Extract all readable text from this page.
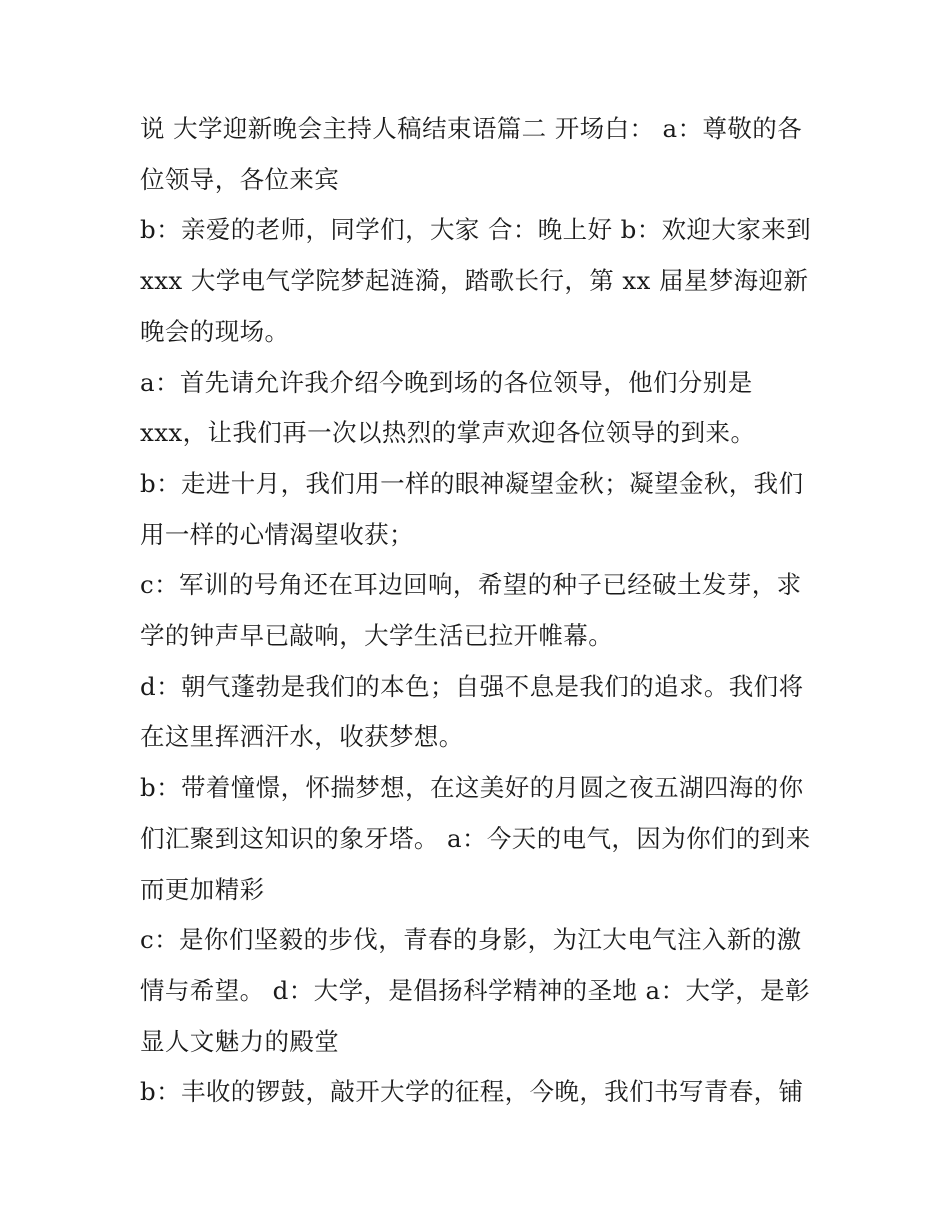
说 大学迎新晚会主持人稿结束语篇二 开场白： a：尊敬的各
位领导，各位来宾

b：亲爱的老师，同学们，大家 合：晚上好 b：欢迎大家来到
xxx 大学电气学院梦起涟漪，踏歌长行，第 xx 届星梦海迎新
晚会的现场。

a：首先请允许我介绍今晚到场的各位领导，他们分别是
xxx，让我们再一次以热烈的掌声欢迎各位领导的到来。

b：走进十月，我们用一样的眼神凝望金秋；凝望金秋，我们
用一样的心情渴望收获；

c：军训的号角还在耳边回响，希望的种子已经破土发芽，求
学的钟声早已敲响，大学生活已拉开帷幕。

d：朝气蓬勃是我们的本色；自强不息是我们的追求。我们将
在这里挥洒汗水，收获梦想。

b：带着憧憬，怀揣梦想，在这美好的月圆之夜五湖四海的你
们汇聚到这知识的象牙塔。 a：今天的电气，因为你们的到来
而更加精彩

c：是你们坚毅的步伐，青春的身影，为江大电气注入新的激
情与希望。 d：大学，是倡扬科学精神的圣地 a：大学，是彰
显人文魅力的殿堂

b：丰收的锣鼓，敲开大学的征程，今晚，我们书写青春，铺
